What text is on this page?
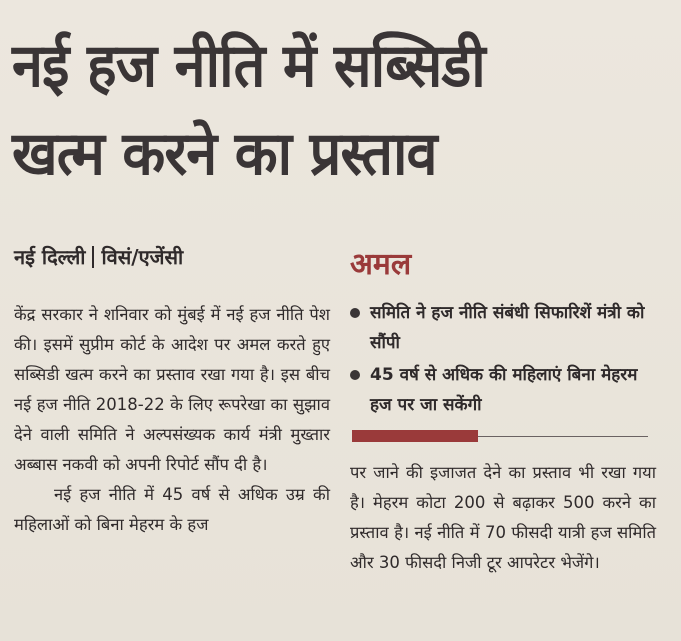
नई हज नीति में सब्सिडी
खत्म करने का प्रस्ताव
नई दिल्ली विसं/एजेंसी

केंद्र सरकार ने शनिवार को मुंबई में नई हज नीति पेश की। इसमें सुप्रीम कोर्ट के आदेश पर अमल करते हुए सब्सिडी खत्म करने का प्रस्ताव रखा गया है। इस बीच नई हज नीति 2018-22 के लिए रूपरेखा का सुझाव देने वाली समिति ने अल्पसंख्यक कार्य मंत्री मुख्तार अब्बास नकवी को अपनी रिपोर्ट सौंप दी है।

नई हज नीति में 45 वर्ष से अधिक उम्र की महिलाओं को बिना मेहरम के हज

अमल
समिति ने हज नीति संबंधी सिफारिशें मंत्री को सौंपी
45 वर्ष से अधिक की महिलाएं बिना मेहरम हज पर जा सकेंगी

पर जाने की इजाजत देने का प्रस्ताव भी रखा गया है। मेहरम कोटा 200 से बढ़ाकर 500 करने का प्रस्ताव है। नई नीति में 70 फीसदी यात्री हज समिति और 30 फीसदी निजी टूर आपरेटर भेजेंगे।
